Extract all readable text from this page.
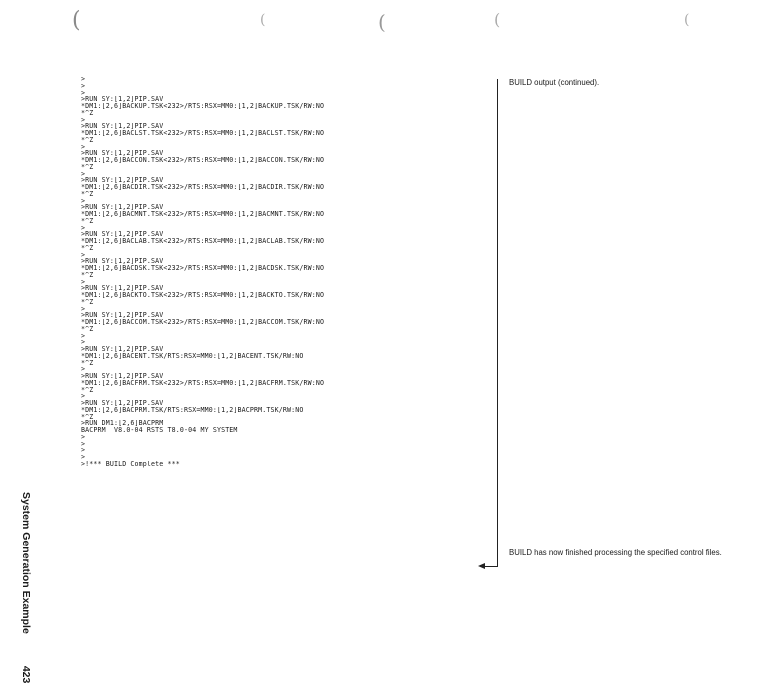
(	(	(	(	(
>
>
>
>RUN SY:[1,2]PIP.SAV
*DM1:[2,6]BACKUP.TSK<232>/RTS:RSX=MM0:[1,2]BACKUP.TSK/RW:NO
*^Z
>
>RUN SY:[1,2]PIP.SAV
*DM1:[2,6]BACLST.TSK<232>/RTS:RSX=MM0:[1,2]BACLST.TSK/RW:NO
*^Z
>
>RUN SY:[1,2]PIP.SAV
*DM1:[2,6]BACCON.TSK<232>/RTS:RSX=MM0:[1,2]BACCON.TSK/RW:NO
*^Z
>
>RUN SY:[1,2]PIP.SAV
*DM1:[2,6]BACDIR.TSK<232>/RTS:RSX=MM0:[1,2]BACDIR.TSK/RW:NO
*^Z
>
>RUN SY:[1,2]PIP.SAV
*DM1:[2,6]BACMNT.TSK<232>/RTS:RSX=MM0:[1,2]BACMNT.TSK/RW:NO
*^Z
>
>RUN SY:[1,2]PIP.SAV
*DM1:[2,6]BACLAB.TSK<232>/RTS:RSX=MM0:[1,2]BACLAB.TSK/RW:NO
*^Z
>
>RUN SY:[1,2]PIP.SAV
*DM1:[2,6]BACDSK.TSK<232>/RTS:RSX=MM0:[1,2]BACDSK.TSK/RW:NO
*^Z
>
>RUN SY:[1,2]PIP.SAV
*DM1:[2,6]BACKTO.TSK<232>/RTS:RSX=MM0:[1,2]BACKTO.TSK/RW:NO
*^Z
>
>RUN SY:[1,2]PIP.SAV
*DM1:[2,6]BACCOM.TSK<232>/RTS:RSX=MM0:[1,2]BACCOM.TSK/RW:NO
*^Z
>
>
>RUN SY:[1,2]PIP.SAV
*DM1:[2,6]BACENT.TSK/RTS:RSX=MM0:[1,2]BACENT.TSK/RW:NO
*^Z
>
>RUN SY:[1,2]PIP.SAV
*DM1:[2,6]BACFRM.TSK<232>/RTS:RSX=MM0:[1,2]BACFRM.TSK/RW:NO
*^Z
>
>RUN SY:[1,2]PIP.SAV
*DM1:[2,6]BACPRM.TSK/RTS:RSX=MM0:[1,2]BACPRM.TSK/RW:NO
*^Z
>RUN DM1:[2,6]BACPRM
BACPRM  V8.0-04 RSTS T8.0-04 MY SYSTEM
>
>
>
>
>!*** BUILD Complete ***
BUILD output (continued).
BUILD has now finished processing the specified control files.
System Generation Example
423
